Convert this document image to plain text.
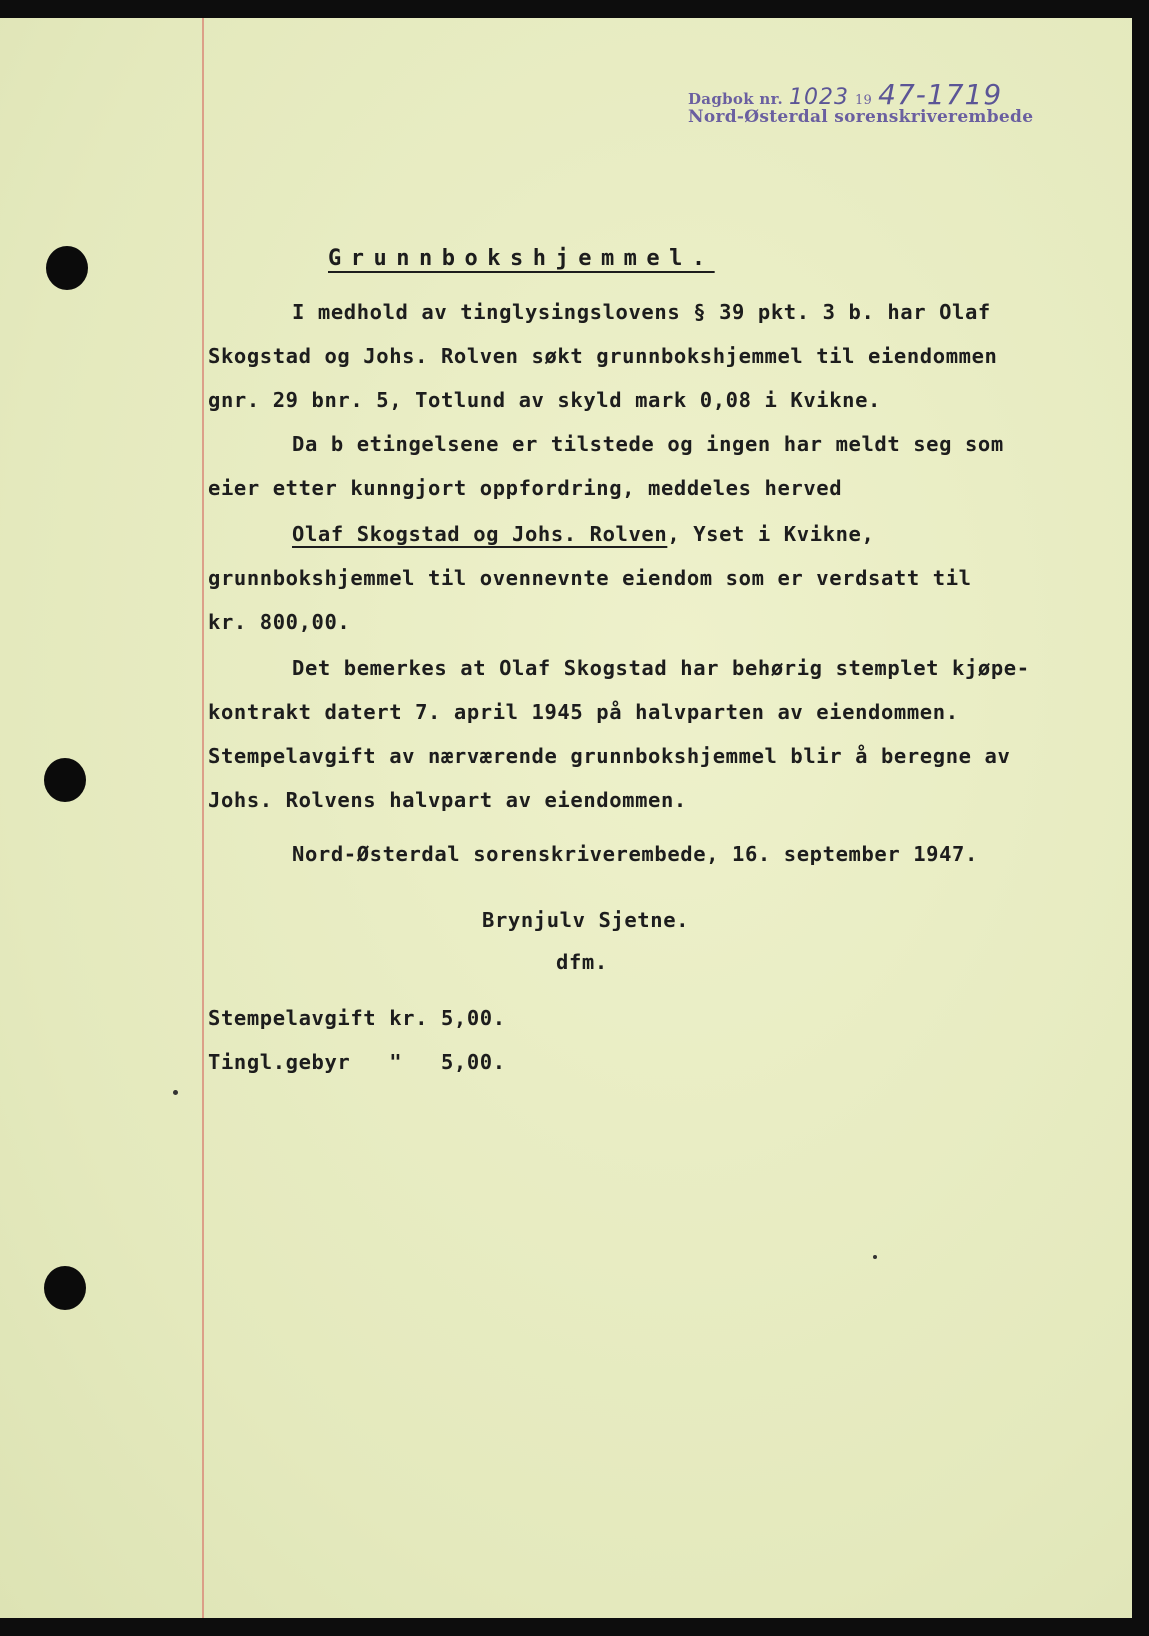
Dagbok nr. 1023 19 47-1719
Nord-Østerdal sorenskriverembede
Grunnbokshjemmel.
I medhold av tinglysingslovens § 39 pkt. 3 b. har Olaf
Skogstad og Johs. Rolven søkt grunnbokshjemmel til eiendommen
gnr. 29 bnr. 5, Totlund av skyld mark 0,08 i Kvikne.
Da b etingelsene er tilstede og ingen har meldt seg som
eier etter kunngjort oppfordring, meddeles herved
Olaf Skogstad og Johs. Rolven, Yset i Kvikne,
grunnbokshjemmel til ovennevnte eiendom som er verdsatt til
kr. 800,00.
Det bemerkes at Olaf Skogstad har behørig stemplet kjøpe-
kontrakt datert 7. april 1945 på halvparten av eiendommen.
Stempelavgift av nærværende grunnbokshjemmel blir å beregne av
Johs. Rolvens halvpart av eiendommen.
Nord-Østerdal sorenskriverembede, 16. september 1947.
Brynjulv Sjetne.
dfm.
Stempelavgift kr. 5,00.
Tingl.gebyr   "   5,00.
